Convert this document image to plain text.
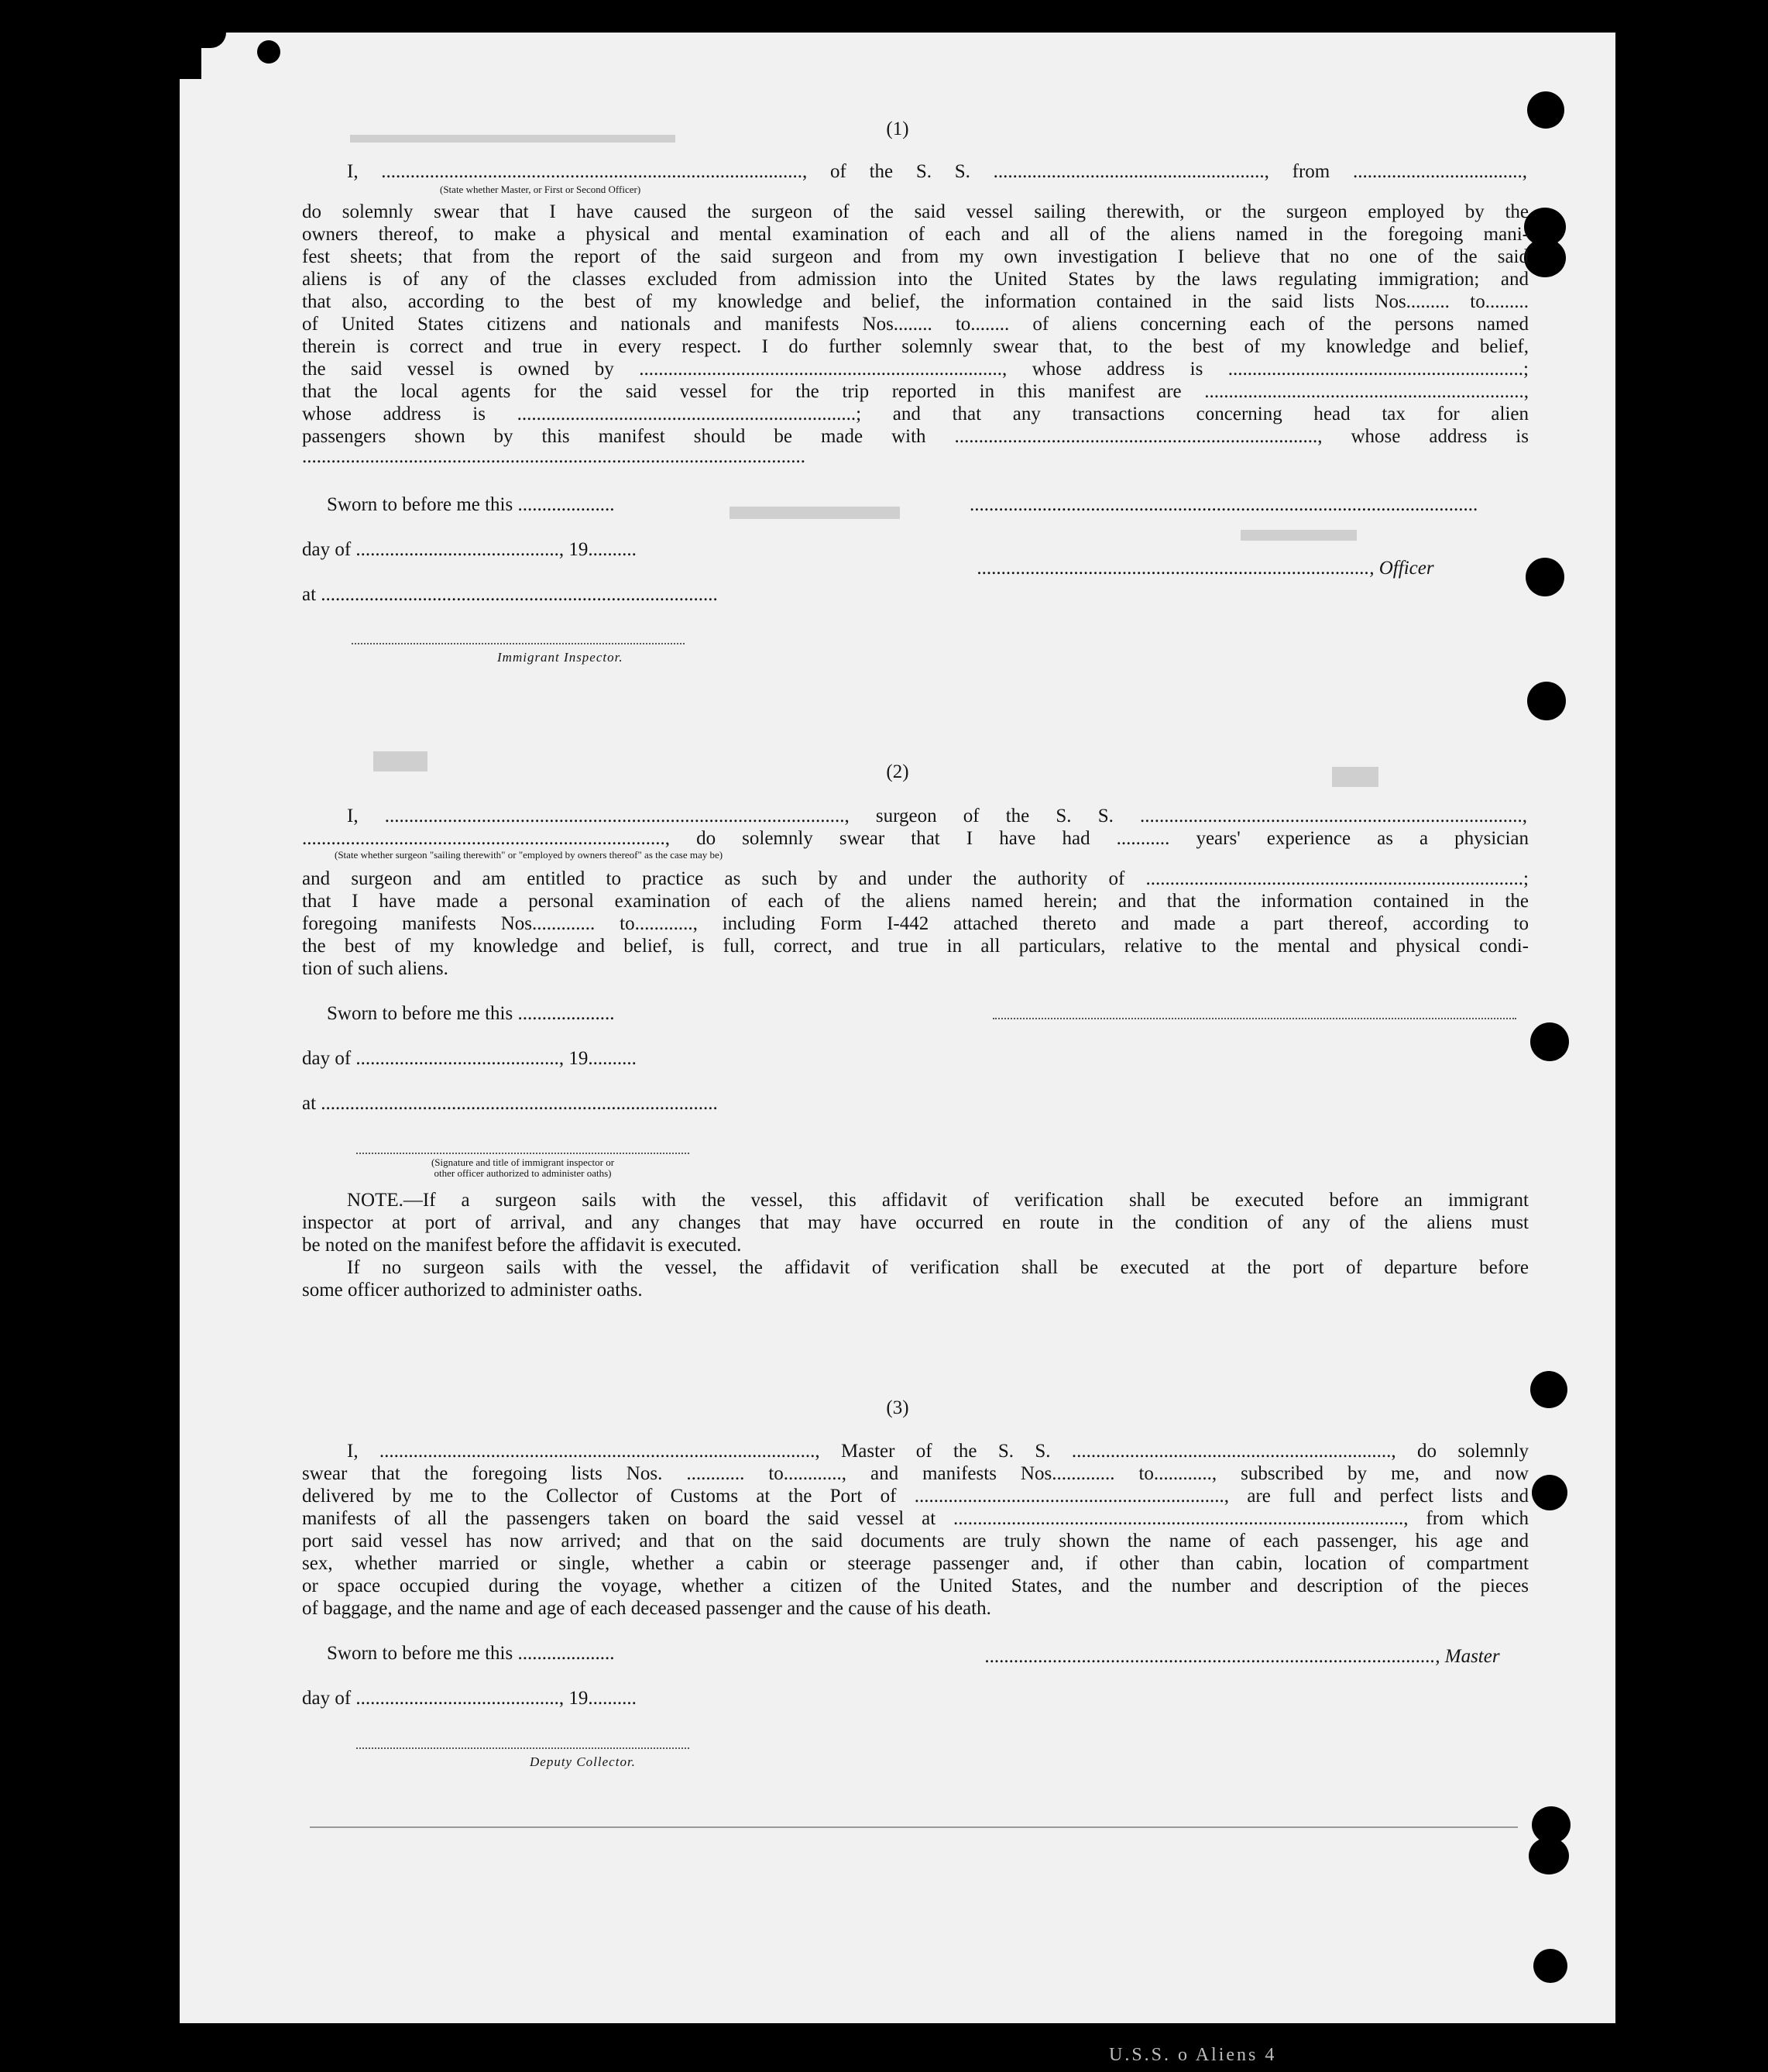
(1)
I, ......................................................................................., of the S. S. ........................................................, from ...................................,
(State whether Master, or First or Second Officer)
do solemnly swear that I have caused the surgeon of the said vessel sailing therewith, or the surgeon employed by the
owners thereof, to make a physical and mental examination of each and all of the aliens named in the foregoing mani-
fest sheets; that from the report of the said surgeon and from my own investigation I believe that no one of the said
aliens is of any of the classes excluded from admission into the United States by the laws regulating immigration; and
that also, according to the best of my knowledge and belief, the information contained in the said lists Nos......... to.........
of United States citizens and nationals and manifests Nos........ to........ of aliens concerning each of the persons named
therein is correct and true in every respect. I do further solemnly swear that, to the best of my knowledge and belief,
the said vessel is owned by ..........................................................................., whose address is .............................................................;
that the local agents for the said vessel for the trip reported in this manifest are ..................................................................,
whose address is ......................................................................; and that any transactions concerning head tax for alien
passengers shown by this manifest should be made with ..........................................................................., whose address is
........................................................................................................
Sworn to before me this ....................	.........................................................................................................
day of .........................................., 19..........
................................................................................., Officer
at ..................................................................................
Immigrant Inspector.
(2)
I, ..............................................................................................., surgeon of the S. S. ...............................................................................,
..........................................................................., do solemnly swear that I have had ........... years' experience as a physician
(State whether surgeon "sailing therewith" or "employed by owners thereof" as the case may be)
and surgeon and am entitled to practice as such by and under the authority of ..............................................................................;
that I have made a personal examination of each of the aliens named herein; and that the information contained in the
foregoing manifests Nos............. to............, including Form I-442 attached thereto and made a part thereof, according to
the best of my knowledge and belief, is full, correct, and true in all particulars, relative to the mental and physical condi-
tion of such aliens.
Sworn to before me this ....................
day of .........................................., 19..........
at ..................................................................................
(Signature and title of immigrant inspector or
other officer authorized to administer oaths)
NOTE.—If a surgeon sails with the vessel, this affidavit of verification shall be executed before an immigrant
inspector at port of arrival, and any changes that may have occurred en route in the condition of any of the aliens must
be noted on the manifest before the affidavit is executed.
If no surgeon sails with the vessel, the affidavit of verification shall be executed at the port of departure before
some officer authorized to administer oaths.
(3)
I, .........................................................................................., Master of the S. S. .................................................................., do solemnly
swear that the foregoing lists Nos. ............ to............, and manifests Nos............. to............, subscribed by me, and now
delivered by me to the Collector of Customs at the Port of ................................................................, are full and perfect lists and
manifests of all the passengers taken on board the said vessel at ............................................................................................., from which
port said vessel has now arrived; and that on the said documents are truly shown the name of each passenger, his age and
sex, whether married or single, whether a cabin or steerage passenger and, if other than cabin, location of compartment
or space occupied during the voyage, whether a citizen of the United States, and the number and description of the pieces
of baggage, and the name and age of each deceased passenger and the cause of his death.
Sworn to before me this ....................	............................................................................................., Master
day of .........................................., 19..........
Deputy Collector.
U.S.S. o Aliens 4
